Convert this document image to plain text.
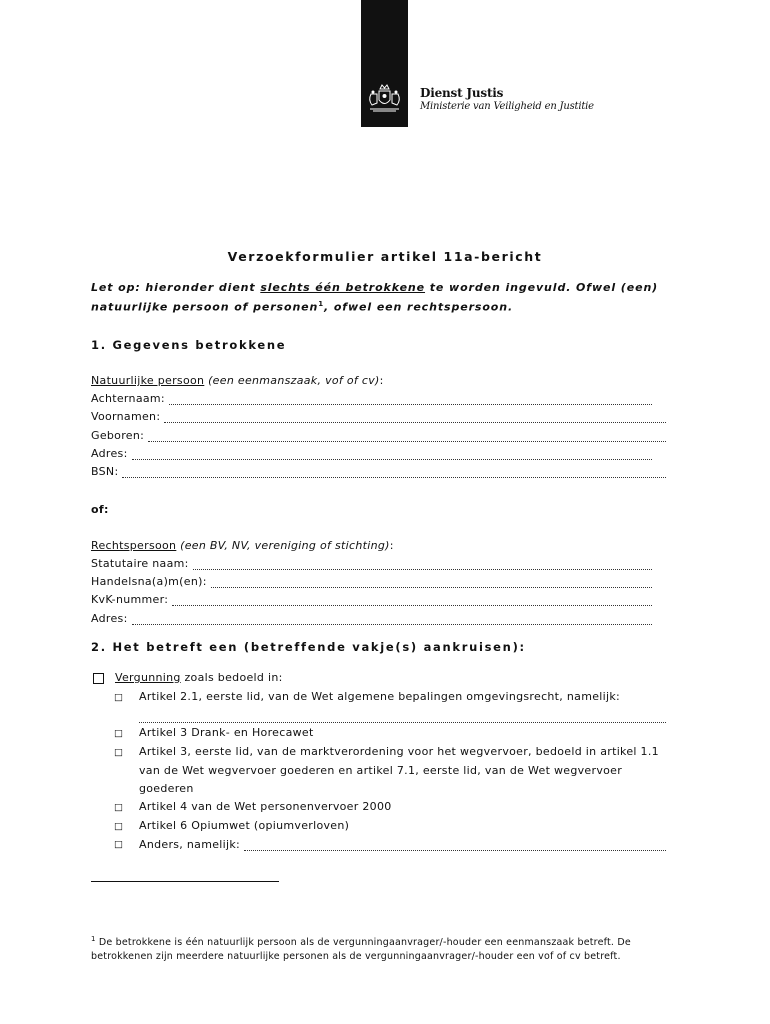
Dienst Justis
Ministerie van Veiligheid en Justitie
Verzoekformulier artikel 11a-bericht
Let op: hieronder dient slechts één betrokkene te worden ingevuld. Ofwel (een) natuurlijke persoon of personen$^1$, ofwel een rechtspersoon.
1. Gegevens betrokkene
Natuurlijke persoon (een eenmanszaak, vof of cv):
Achternaam:
Voornamen:
Geboren:
Adres:
BSN:
of:
Rechtspersoon (een BV, NV, vereniging of stichting):
Statutaire naam:
Handelsna(a)m(en):
KvK-nummer:
Adres:
2. Het betreft een (betreffende vakje(s) aankruisen):
Vergunning zoals bedoeld in:
□ Artikel 2.1, eerste lid, van de Wet algemene bepalingen omgevingsrecht, namelijk:
□ Artikel 3 Drank- en Horecawet
□ Artikel 3, eerste lid, van de marktverordening voor het wegvervoer, bedoeld in artikel 1.1
van de Wet wegvervoer goederen en artikel 7.1, eerste lid, van de Wet wegvervoer
goederen
□ Artikel 4 van de Wet personenvervoer 2000
□ Artikel 6 Opiumwet (opiumverloven)
□ Anders, namelijk:
$^1$ De betrokkene is één natuurlijk persoon als de vergunningaanvrager/-houder een eenmanszaak betreft. De betrokkenen zijn meerdere natuurlijke personen als de vergunningaanvrager/-houder een vof of cv betreft.
